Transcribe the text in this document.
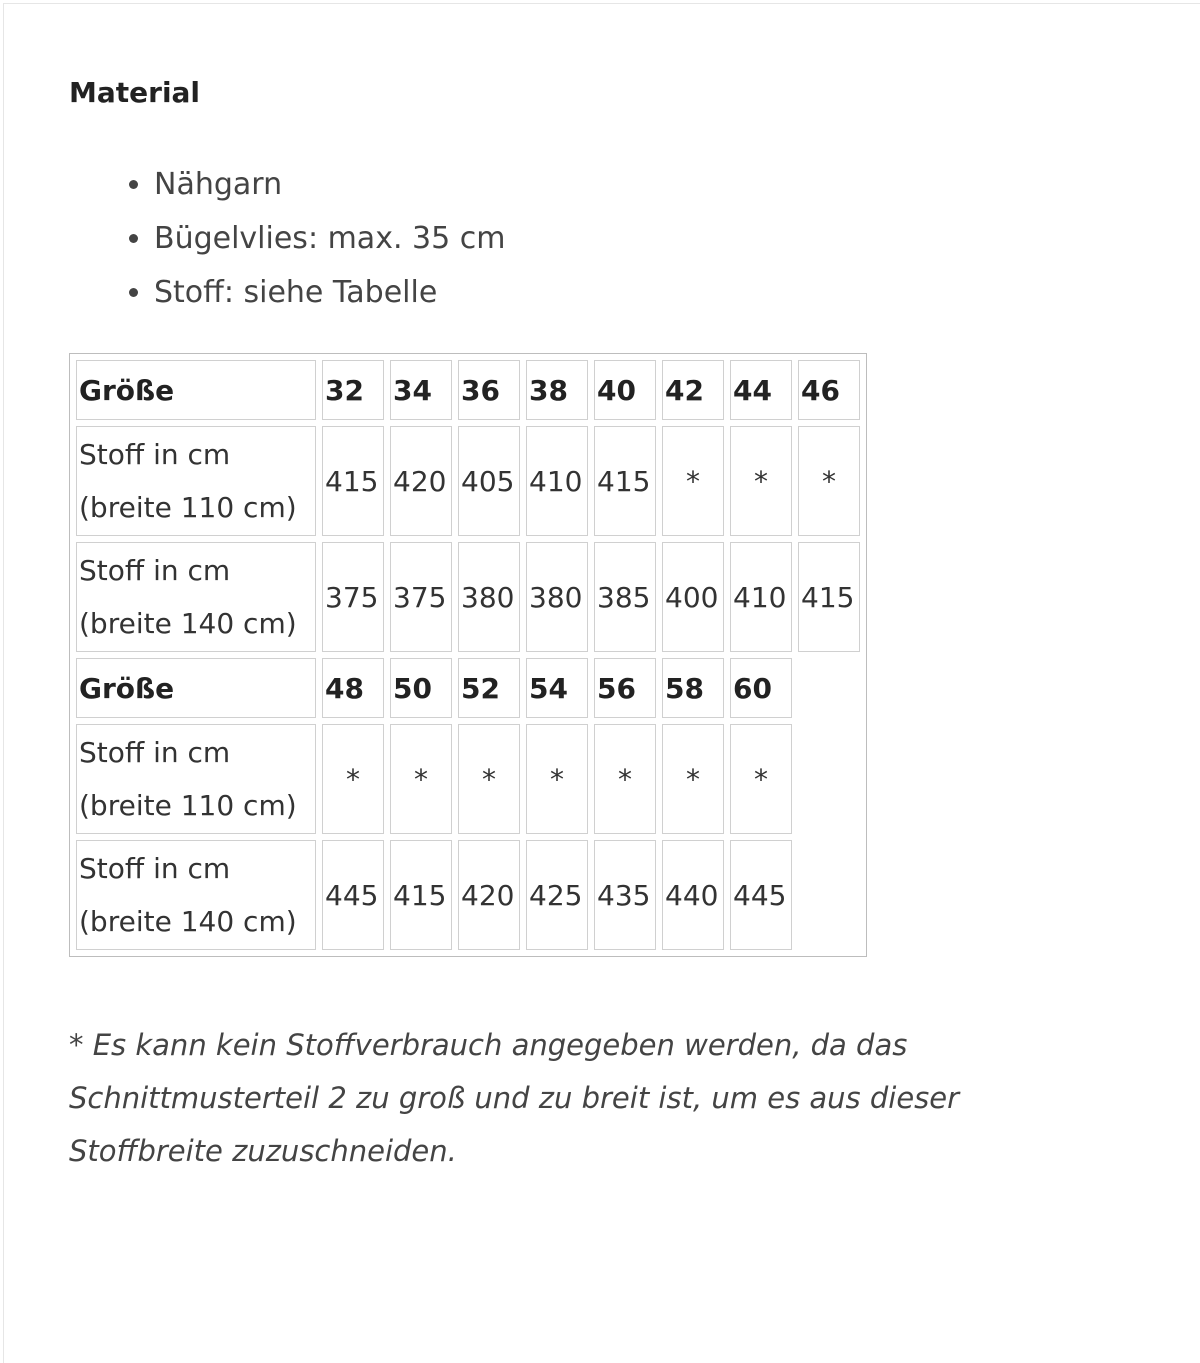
Material
• Nähgarn
• Bügelvlies: max. 35 cm
• Stoff: siehe Tabelle
Größe	32	34	36	38	40	42	44	46
Stoff in cm
(breite 110 cm)	415	420	405	410	415	*	*	*
Stoff in cm
(breite 140 cm)	375	375	380	380	385	400	410	415
Größe	48	50	52	54	56	58	60	
Stoff in cm
(breite 110 cm)	*	*	*	*	*	*	*	
Stoff in cm
(breite 140 cm)	445	415	420	425	435	440	445	

* Es kann kein Stoffverbrauch angegeben werden, da das Schnittmusterteil 2 zu groß und zu breit ist, um es aus dieser Stoffbreite zuzuschneiden.
